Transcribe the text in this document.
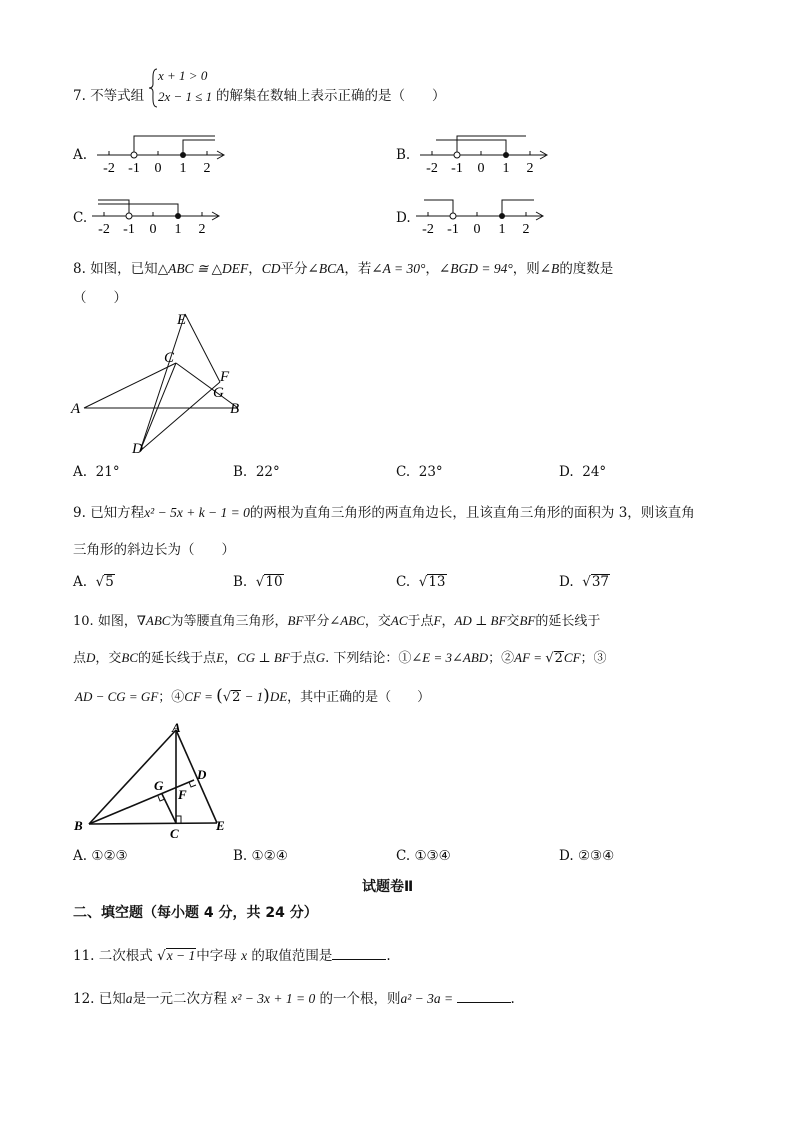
7. 不等式组
x + 1 > 0
2x − 1 ≤ 1 的解集在数轴上表示正确的是（　　）
A.
-2 -1 0 1 2
B.
-2 -1 0 1 2
C.
-2 -1 0 1 2
D.
-2 -1 0 1 2
8. 如图，已知△ABC ≅ △DEF，CD平分∠BCA，若∠A = 30°，∠BGD = 94°，则∠B的度数是
（　　）
E
C
F
G
A	B
D
A. 21°	B. 22°	C. 23°	D. 24°
9. 已知方程x² − 5x + k − 1 = 0的两根为直角三角形的两直角边长，且该直角三角形的面积为 3，则该直角
三角形的斜边长为（　　）
A.  √5	B.  √10	C.  √13	D.  √37
10. 如图，∇ABC为等腰直角三角形，BF平分∠ABC，交AC于点F，AD ⊥ BF交BF的延长线于
点D，交BC的延长线于点E，CG ⊥ BF于点G. 下列结论：①∠E = 3∠ABD；②AF = √2CF；③
AD − CG = GF；④CF = (√2 − 1)DE，其中正确的是（　　）
A
G
D
F
B
C
E
A. ①②③	B. ①②④	C. ①③④	D. ②③④
试题卷Ⅱ
二、填空题（每小题 4 分，共 24 分）
11. 二次根式 √x − 1中字母 x 的取值范围是	.
12. 已知a是一元二次方程 x² − 3x + 1 = 0 的一个根，则a² − 3a =	.
